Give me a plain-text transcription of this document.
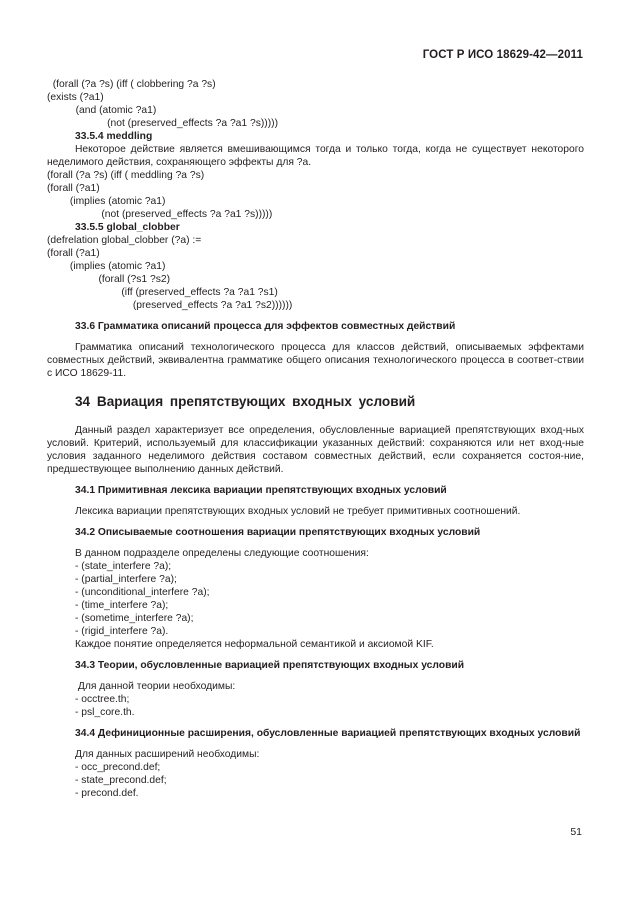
ГОСТ Р ИСО 18629-42—2011

(forall (?a ?s) (iff ( clobbering ?a ?s)

(exists (?a1)

(and (atomic ?a1)

(not (preserved_effects ?a ?a1 ?s)))))

33.5.4 meddling

Некоторое действие является вмешивающимся тогда и только тогда, когда не существует некоторого неделимого действия, сохраняющего эффекты для ?а.

(forall (?a ?s) (iff ( meddling ?a ?s)

(forall (?a1)

(implies (atomic ?a1)

(not (preserved_effects ?a ?a1 ?s)))))

33.5.5 global_clobber

(defrelation global_clobber (?a) :=

(forall (?a1)

(implies (atomic ?a1)

(forall (?s1 ?s2)

(iff (preserved_effects ?a ?a1 ?s1)

(preserved_effects ?a ?a1 ?s2))))))

33.6 Грамматика описаний процесса для эффектов совместных действий

Грамматика описаний технологического процесса для классов действий, описываемых эффектами совместных действий, эквивалентна грамматике общего описания технологического процесса в соответ-ствии с ИСО 18629-11.

34 Вариация препятствующих входных условий

Данный раздел характеризует все определения, обусловленные вариацией препятствующих вход-ных условий. Критерий, используемый для классификации указанных действий: сохраняются или нет вход-ные условия заданного неделимого действия составом совместных действий, если сохраняется состоя-ние, предшествующее выполнению данных действий.

34.1 Примитивная лексика вариации препятствующих входных условий

Лексика вариации препятствующих входных условий не требует примитивных соотношений.

34.2 Описываемые соотношения вариации препятствующих входных условий

В данном подразделе определены следующие соотношения:

- (state_interfere ?a);

- (partial_interfere ?a);

- (unconditional_interfere ?a);

- (time_interfere ?a);

- (sometime_interfere ?a);

- (rigid_interfere ?a).

Каждое понятие определяется неформальной семантикой и аксиомой KIF.

34.3 Теории, обусловленные вариацией препятствующих входных условий

Для данной теории необходимы:

- occtree.th;

- psl_core.th.

34.4 Дефиниционные расширения, обусловленные вариацией препятствующих входных условий

Для данных расширений необходимы:

- occ_precond.def;

- state_precond.def;

- precond.def.

51
